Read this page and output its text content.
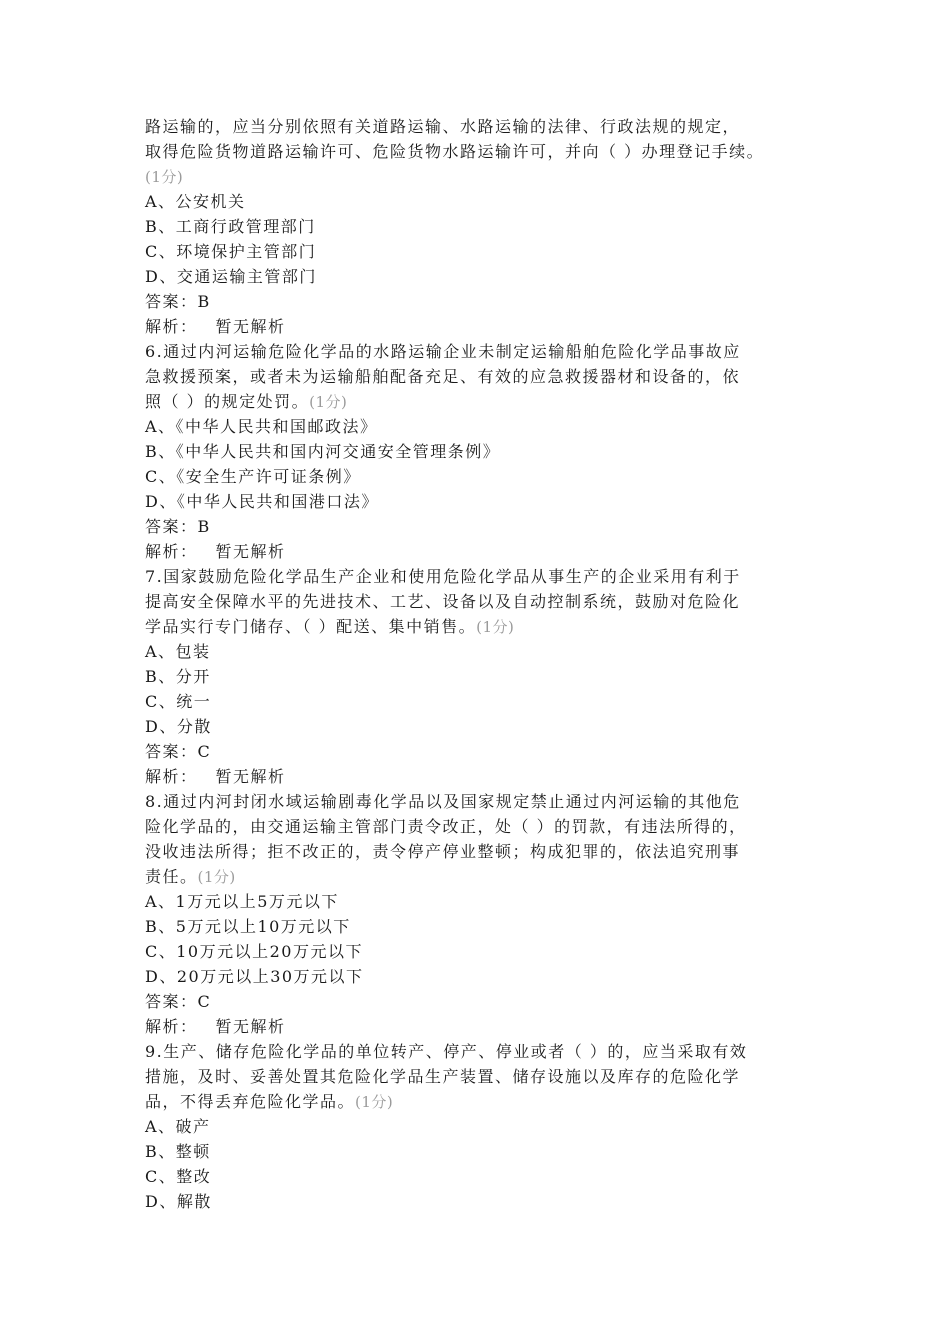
路运输的，应当分别依照有关道路运输、水路运输的法律、行政法规的规定，
取得危险货物道路运输许可、危险货物水路运输许可，并向（ ）办理登记手续。
(1分)
A、公安机关
B、工商行政管理部门
C、环境保护主管部门
D、交通运输主管部门
答案：B
解析： 暂无解析
6.通过内河运输危险化学品的水路运输企业未制定运输船舶危险化学品事故应
急救援预案，或者未为运输船舶配备充足、有效的应急救援器材和设备的，依
照（ ）的规定处罚。(1分)
A、《中华人民共和国邮政法》
B、《中华人民共和国内河交通安全管理条例》
C、《安全生产许可证条例》
D、《中华人民共和国港口法》
答案：B
解析： 暂无解析
7.国家鼓励危险化学品生产企业和使用危险化学品从事生产的企业采用有利于
提高安全保障水平的先进技术、工艺、设备以及自动控制系统，鼓励对危险化
学品实行专门储存、（ ）配送、集中销售。(1分)
A、包装
B、分开
C、统一
D、分散
答案：C
解析： 暂无解析
8.通过内河封闭水域运输剧毒化学品以及国家规定禁止通过内河运输的其他危
险化学品的，由交通运输主管部门责令改正，处（ ）的罚款，有违法所得的，
没收违法所得；拒不改正的，责令停产停业整顿；构成犯罪的，依法追究刑事
责任。(1分)
A、1万元以上5万元以下
B、5万元以上10万元以下
C、10万元以上20万元以下
D、20万元以上30万元以下
答案：C
解析： 暂无解析
9.生产、储存危险化学品的单位转产、停产、停业或者（ ）的，应当采取有效
措施，及时、妥善处置其危险化学品生产装置、储存设施以及库存的危险化学
品，不得丢弃危险化学品。(1分)
A、破产
B、整顿
C、整改
D、解散
